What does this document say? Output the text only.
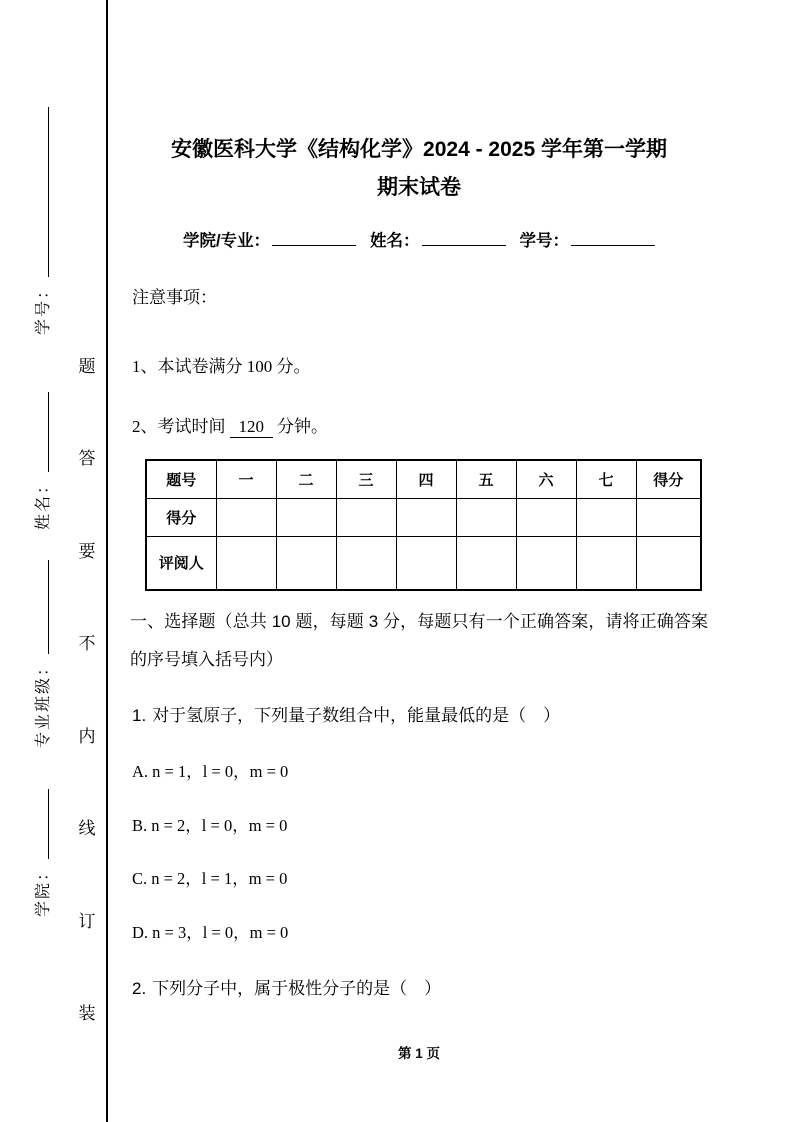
学号：
姓名：
专业班级：
学院：
题
答
要
不
内
线
订
装
安徽医科大学《结构化学》2024 - 2025 学年第一学期
期末试卷
学院/专业：	姓名：	学号：
注意事项：
1、本试卷满分 100 分。
2、考试时间 120 分钟。
题号	一	二	三	四	五	六	七	得分
得分								
评阅人								
一、选择题（总共 10 题，每题 3 分，每题只有一个正确答案，请将正确答案的序号填入括号内）
1. 对于氢原子，下列量子数组合中，能量最低的是（　）
A. n = 1，l = 0，m = 0
B. n = 2，l = 0，m = 0
C. n = 2，l = 1，m = 0
D. n = 3，l = 0，m = 0
2. 下列分子中，属于极性分子的是（　）
第 1 页
